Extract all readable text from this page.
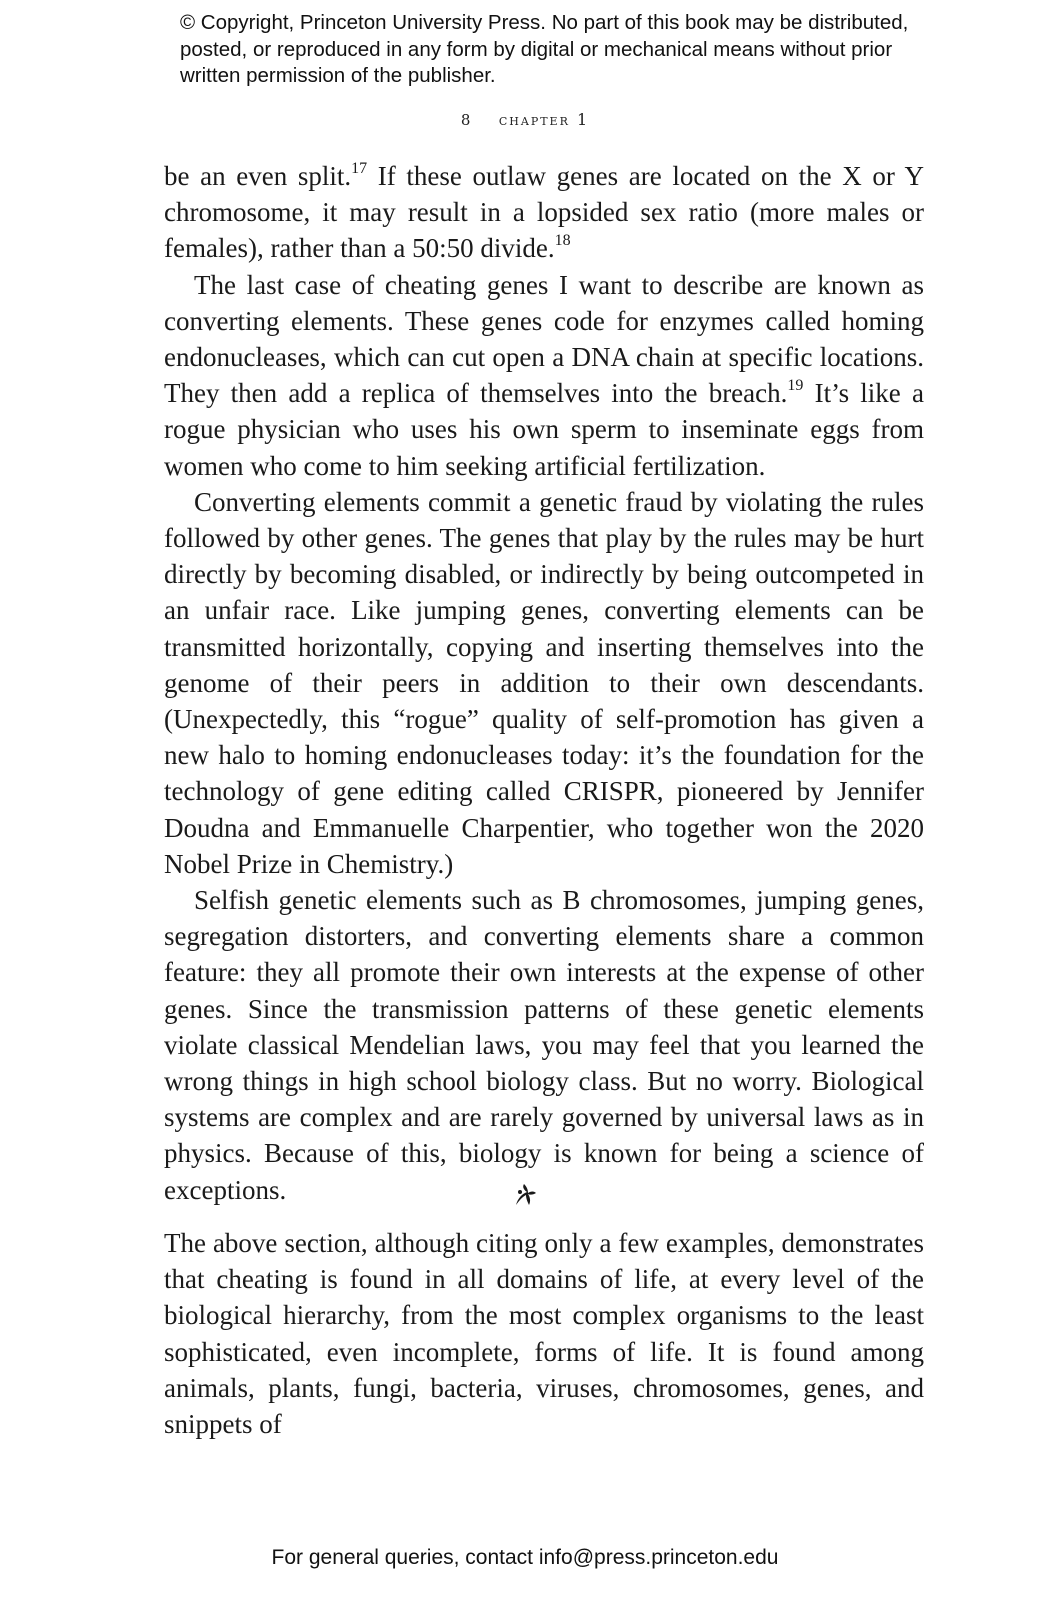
© Copyright, Princeton University Press. No part of this book may be distributed, posted, or reproduced in any form by digital or mechanical means without prior written permission of the publisher.
8 chapter 1

be an even split.$^{17}$ If these outlaw genes are located on the X or Y chromosome, it may result in a lopsided sex ratio (more males or females), rather than a 50:50 divide.$^{18}$

The last case of cheating genes I want to describe are known as converting elements. These genes code for enzymes called homing endonucleases, which can cut open a DNA chain at specific locations. They then add a replica of themselves into the breach.$^{19}$ It’s like a rogue physician who uses his own sperm to inseminate eggs from women who come to him seeking artificial fertilization.

Converting elements commit a genetic fraud by violating the rules followed by other genes. The genes that play by the rules may be hurt directly by becoming disabled, or indirectly by being outcompeted in an unfair race. Like jumping genes, converting elements can be transmitted horizontally, copying and inserting themselves into the genome of their peers in addition to their own descendants. (Unexpectedly, this “rogue” quality of self-promotion has given a new halo to homing endonucleases today: it’s the foundation for the technology of gene editing called CRISPR, pioneered by Jennifer Doudna and Emmanuelle Charpentier, who together won the 2020 Nobel Prize in Chemistry.)

Selfish genetic elements such as B chromosomes, jumping genes, segregation distorters, and converting elements share a common feature: they all promote their own interests at the expense of other genes. Since the transmission patterns of these genetic elements violate classical Mendelian laws, you may feel that you learned the wrong things in high school biology class. But no worry. Biological systems are complex and are rarely governed by universal laws as in physics. Because of this, biology is known for being a science of exceptions.

The above section, although citing only a few examples, demonstrates that cheating is found in all domains of life, at every level of the biological hierarchy, from the most complex organisms to the least sophisticated, even incomplete, forms of life. It is found among animals, plants, fungi, bacteria, viruses, chromosomes, genes, and snippets of
For general queries, contact info@press.princeton.edu
